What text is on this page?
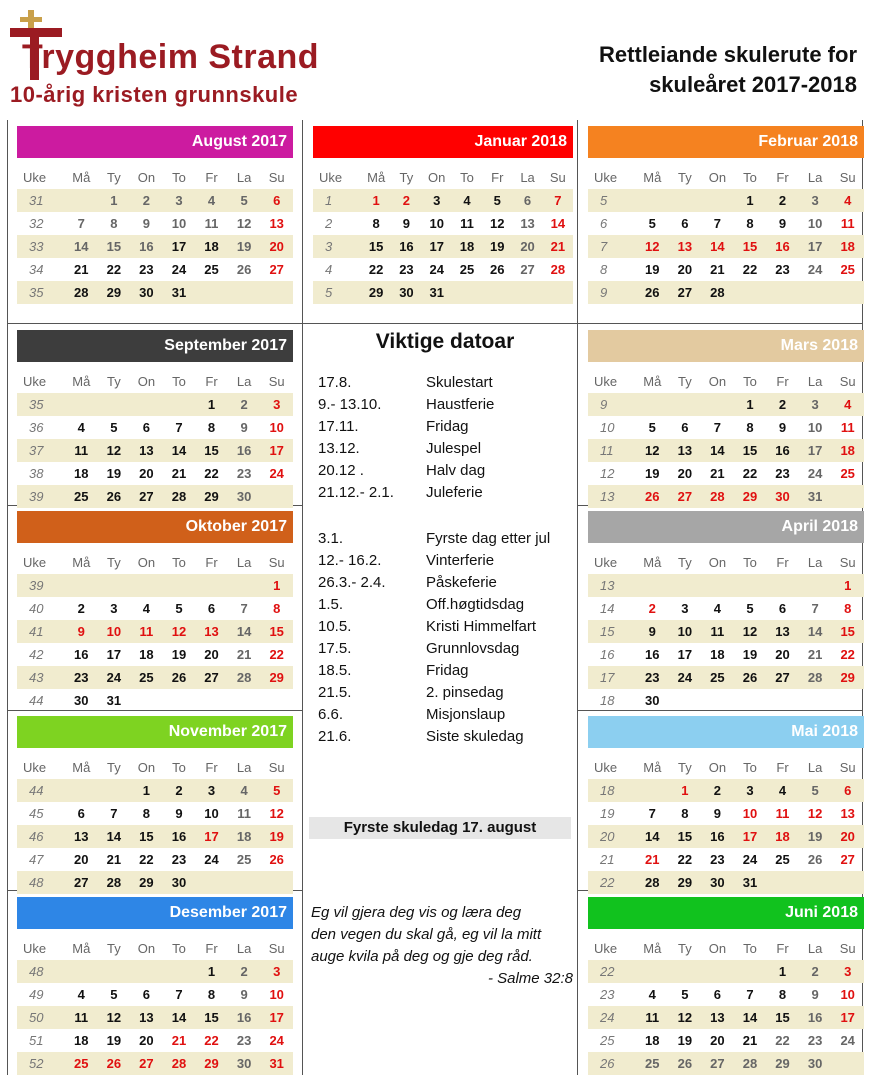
Tryggheim Strand
10-årig kristen grunnskule
Rettleiande skulerute for
skuleåret 2017-2018
August 2017
Uke	Må	Ty	On	To	Fr	La	Su
31		1	2	3	4	5	6
32	7	8	9	10	11	12	13
33	14	15	16	17	18	19	20
34	21	22	23	24	25	26	27
35	28	29	30	31			
Januar 2018
Uke	Må	Ty	On	To	Fr	La	Su
1	1	2	3	4	5	6	7
2	8	9	10	11	12	13	14
3	15	16	17	18	19	20	21
4	22	23	24	25	26	27	28
5	29	30	31				
Februar 2018
Uke	Må	Ty	On	To	Fr	La	Su
5				1	2	3	4
6	5	6	7	8	9	10	11
7	12	13	14	15	16	17	18
8	19	20	21	22	23	24	25
9	26	27	28				
September 2017
Uke	Må	Ty	On	To	Fr	La	Su
35					1	2	3
36	4	5	6	7	8	9	10
37	11	12	13	14	15	16	17
38	18	19	20	21	22	23	24
39	25	26	27	28	29	30	
Mars 2018
Uke	Må	Ty	On	To	Fr	La	Su
9				1	2	3	4
10	5	6	7	8	9	10	11
11	12	13	14	15	16	17	18
12	19	20	21	22	23	24	25
13	26	27	28	29	30	31	
Oktober 2017
Uke	Må	Ty	On	To	Fr	La	Su
39							1
40	2	3	4	5	6	7	8
41	9	10	11	12	13	14	15
42	16	17	18	19	20	21	22
43	23	24	25	26	27	28	29
44	30	31					
April 2018
Uke	Må	Ty	On	To	Fr	La	Su
13							1
14	2	3	4	5	6	7	8
15	9	10	11	12	13	14	15
16	16	17	18	19	20	21	22
17	23	24	25	26	27	28	29
18	30						
November 2017
Uke	Må	Ty	On	To	Fr	La	Su
44			1	2	3	4	5
45	6	7	8	9	10	11	12
46	13	14	15	16	17	18	19
47	20	21	22	23	24	25	26
48	27	28	29	30			
Mai 2018
Uke	Må	Ty	On	To	Fr	La	Su
18		1	2	3	4	5	6
19	7	8	9	10	11	12	13
20	14	15	16	17	18	19	20
21	21	22	23	24	25	26	27
22	28	29	30	31			
Desember 2017
Uke	Må	Ty	On	To	Fr	La	Su
48					1	2	3
49	4	5	6	7	8	9	10
50	11	12	13	14	15	16	17
51	18	19	20	21	22	23	24
52	25	26	27	28	29	30	31
Juni 2018
Uke	Må	Ty	On	To	Fr	La	Su
22					1	2	3
23	4	5	6	7	8	9	10
24	11	12	13	14	15	16	17
25	18	19	20	21	22	23	24
26	25	26	27	28	29	30	
Viktige datoar
17.8.	Skulestart
9.- 13.10.	Haustferie
17.11.	Fridag
13.12.	Julespel
20.12 .	Halv dag
21.12.- 2.1.	Juleferie
3.1.	Fyrste dag etter jul
12.- 16.2.	Vinterferie
26.3.- 2.4.	Påskeferie
1.5.	Off.høgtidsdag
10.5.	Kristi Himmelfart
17.5.	Grunnlovsdag
18.5.	Fridag
21.5.	2. pinsedag
6.6.	Misjonslaup
21.6.	Siste skuledag
Fyrste skuledag 17. august
Eg vil gjera deg vis og læra deg
den vegen du skal gå, eg vil la mitt
auge kvila på deg og gje deg råd.
- Salme 32:8
